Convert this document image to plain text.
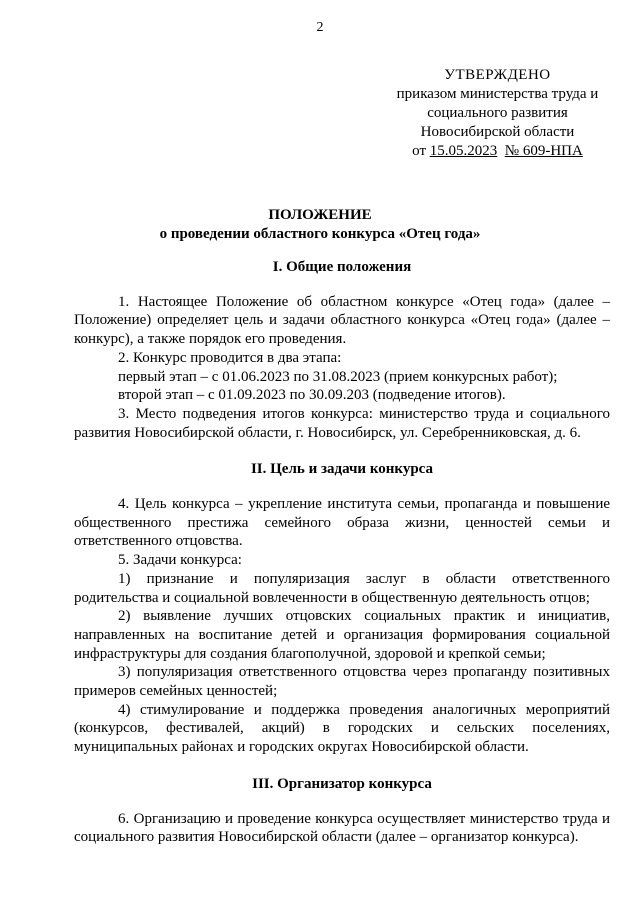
2
УТВЕРЖДЕНО
приказом министерства труда и
социального развития
Новосибирской области
от 15.05.2023 № 609-НПА
ПОЛОЖЕНИЕ
о проведении областного конкурса «Отец года»
I. Общие положения

1. Настоящее Положение об областном конкурсе «Отец года» (далее – Положение) определяет цель и задачи областного конкурса «Отец года» (далее – конкурс), а также порядок его проведения.

2. Конкурс проводится в два этапа:

первый этап – с 01.06.2023 по 31.08.2023 (прием конкурсных работ);

второй этап – с 01.09.2023 по 30.09.203 (подведение итогов).

3. Место подведения итогов конкурса: министерство труда и социального развития Новосибирской области, г. Новосибирск, ул. Серебренниковская, д. 6.

II. Цель и задачи конкурса

4. Цель конкурса – укрепление института семьи, пропаганда и повышение общественного престижа семейного образа жизни, ценностей семьи и ответственного отцовства.

5. Задачи конкурса:

1) признание и популяризация заслуг в области ответственного родительства и социальной вовлеченности в общественную деятельность отцов;

2) выявление лучших отцовских социальных практик и инициатив, направленных на воспитание детей и организация формирования социальной инфраструктуры для создания благополучной, здоровой и крепкой семьи;

3) популяризация ответственного отцовства через пропаганду позитивных примеров семейных ценностей;

4) стимулирование и поддержка проведения аналогичных мероприятий (конкурсов, фестивалей, акций) в городских и сельских поселениях, муниципальных районах и городских округах Новосибирской области.

III. Организатор конкурса

6. Организацию и проведение конкурса осуществляет министерство труда и социального развития Новосибирской области (далее – организатор конкурса).
